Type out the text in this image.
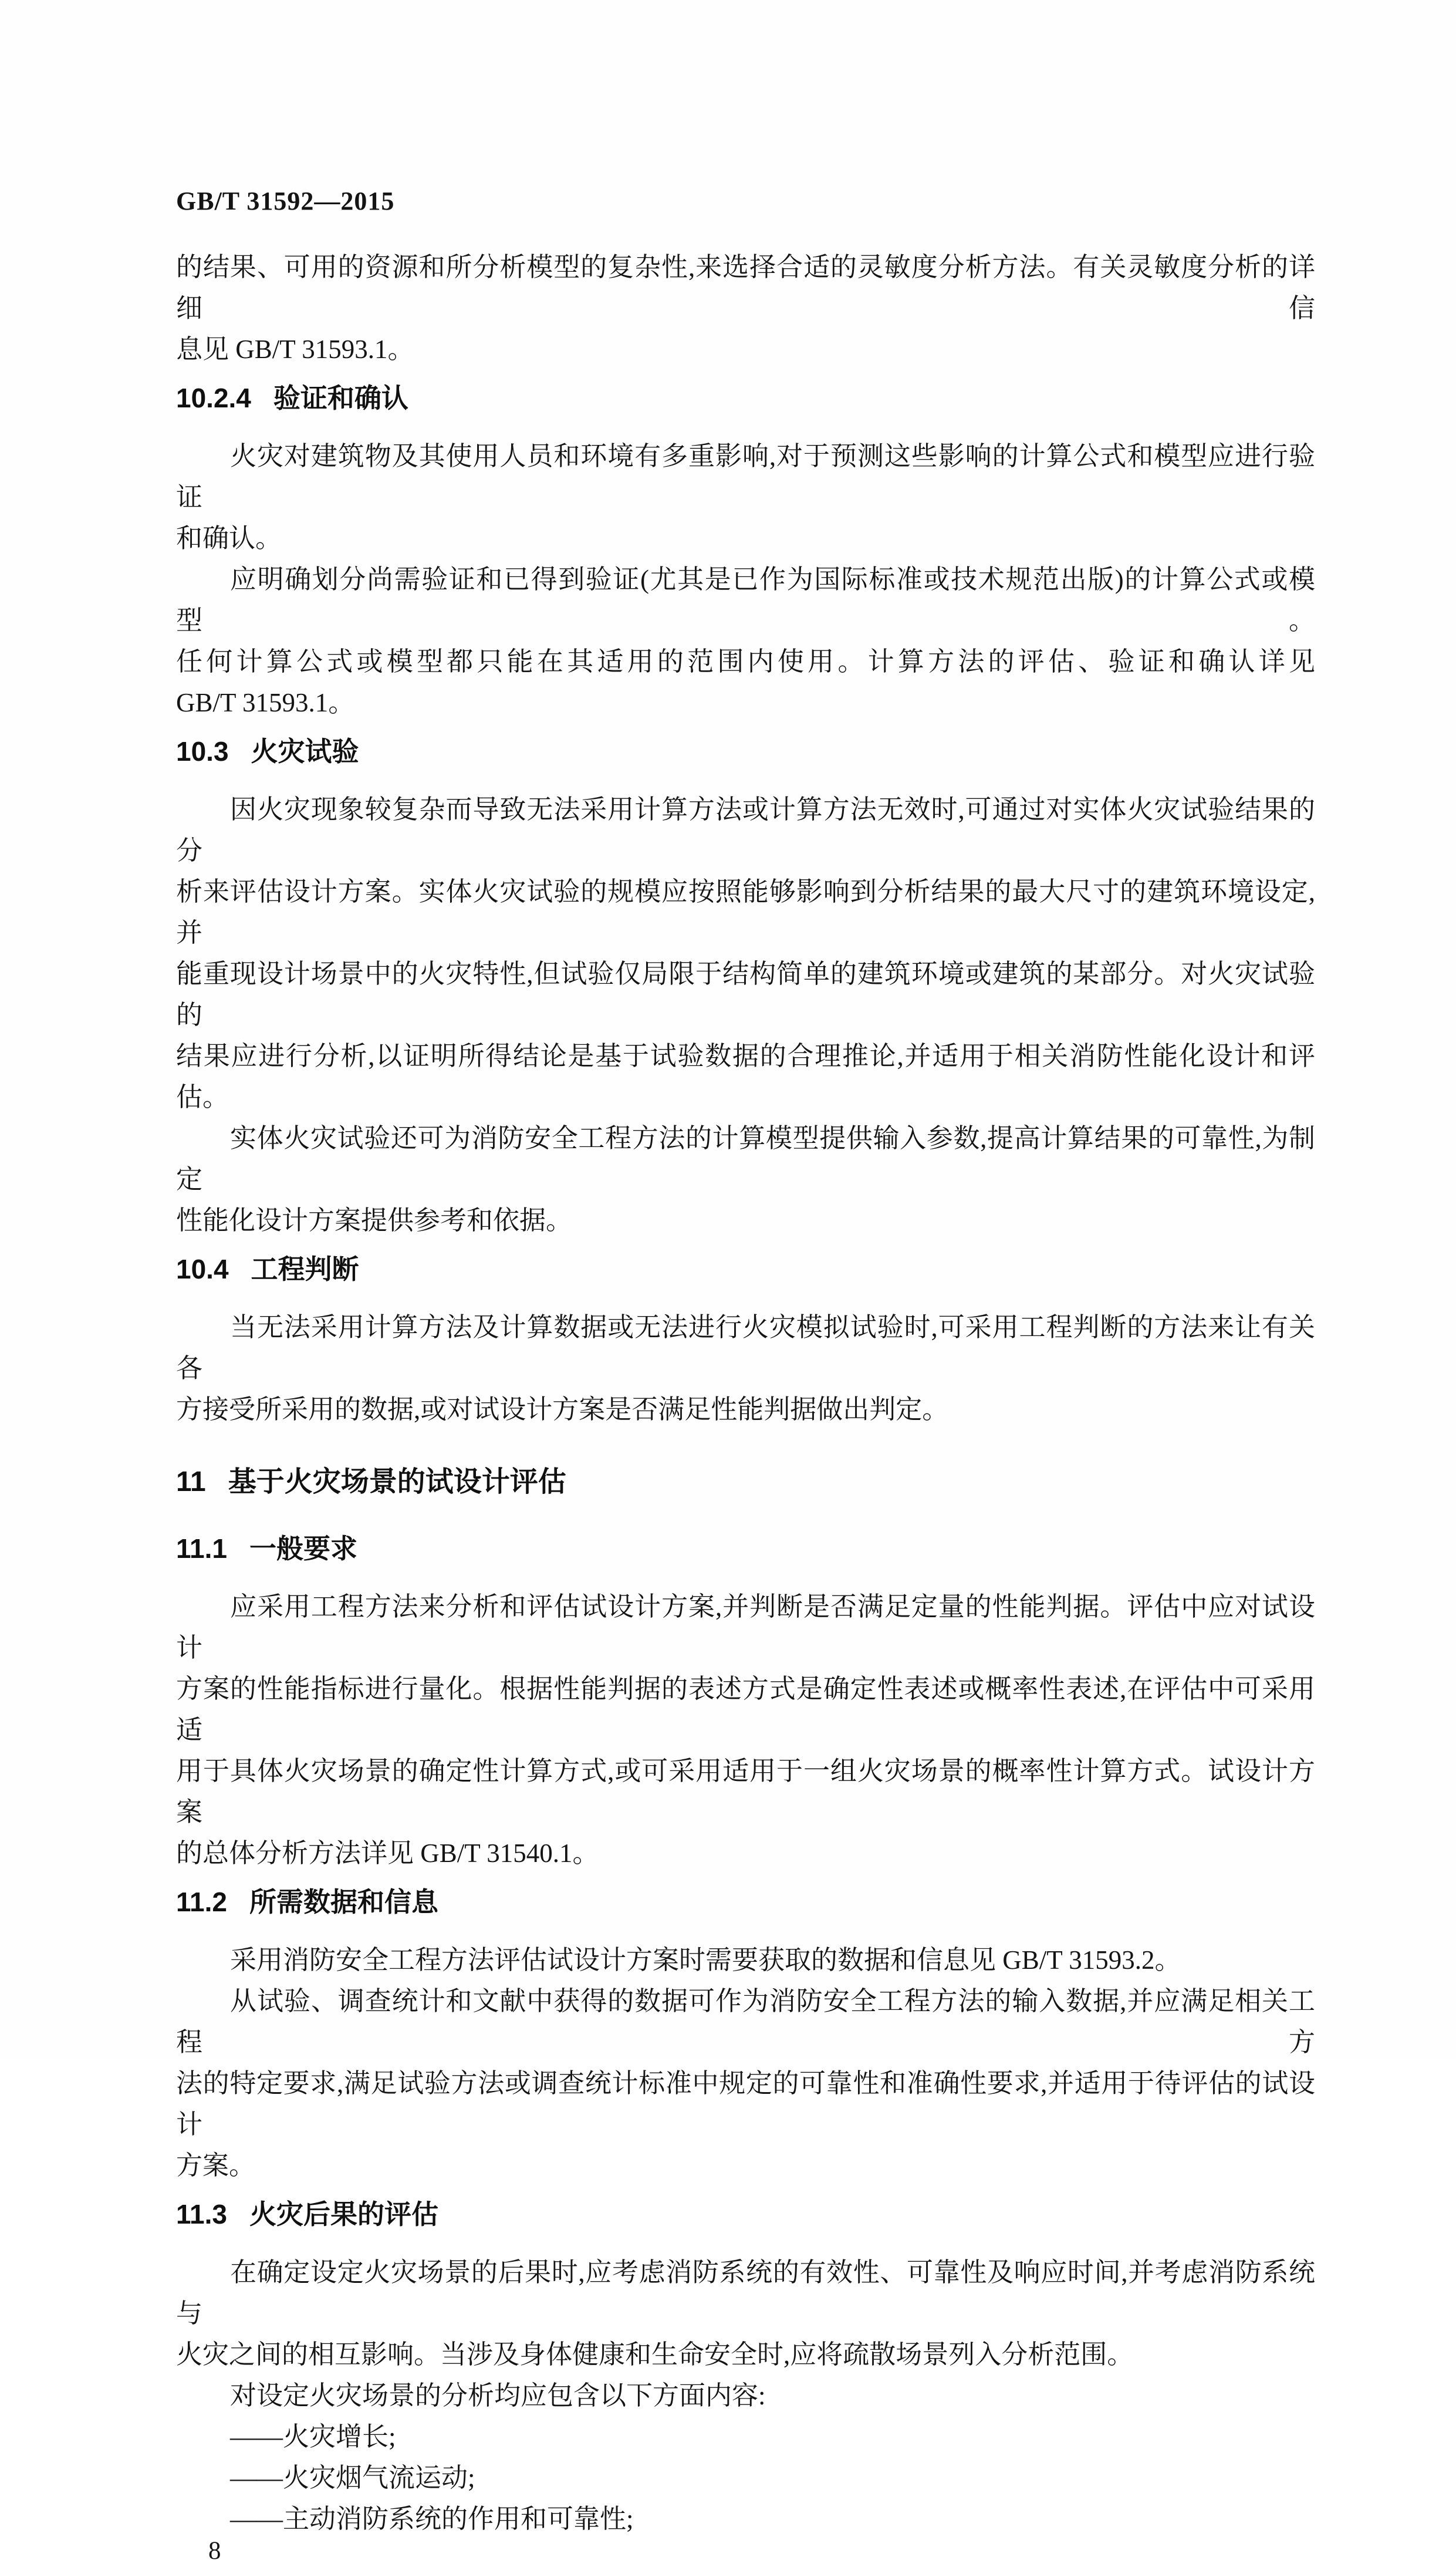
GB/T 31592—2015
的结果、可用的资源和所分析模型的复杂性,来选择合适的灵敏度分析方法。有关灵敏度分析的详细信
息见 GB/T 31593.1。
10.2.4 验证和确认
火灾对建筑物及其使用人员和环境有多重影响,对于预测这些影响的计算公式和模型应进行验证
和确认。
应明确划分尚需验证和已得到验证(尤其是已作为国际标准或技术规范出版)的计算公式或模型。
任何计算公式或模型都只能在其适用的范围内使用。计算方法的评估、验证和确认详见
GB/T 31593.1。
10.3 火灾试验
因火灾现象较复杂而导致无法采用计算方法或计算方法无效时,可通过对实体火灾试验结果的分
析来评估设计方案。实体火灾试验的规模应按照能够影响到分析结果的最大尺寸的建筑环境设定,并
能重现设计场景中的火灾特性,但试验仅局限于结构简单的建筑环境或建筑的某部分。对火灾试验的
结果应进行分析,以证明所得结论是基于试验数据的合理推论,并适用于相关消防性能化设计和评估。
实体火灾试验还可为消防安全工程方法的计算模型提供输入参数,提高计算结果的可靠性,为制定
性能化设计方案提供参考和依据。
10.4 工程判断
当无法采用计算方法及计算数据或无法进行火灾模拟试验时,可采用工程判断的方法来让有关各
方接受所采用的数据,或对试设计方案是否满足性能判据做出判定。
11 基于火灾场景的试设计评估
11.1 一般要求
应采用工程方法来分析和评估试设计方案,并判断是否满足定量的性能判据。评估中应对试设计
方案的性能指标进行量化。根据性能判据的表述方式是确定性表述或概率性表述,在评估中可采用适
用于具体火灾场景的确定性计算方式,或可采用适用于一组火灾场景的概率性计算方式。试设计方案
的总体分析方法详见 GB/T 31540.1。
11.2 所需数据和信息
采用消防安全工程方法评估试设计方案时需要获取的数据和信息见 GB/T 31593.2。
从试验、调查统计和文献中获得的数据可作为消防安全工程方法的输入数据,并应满足相关工程方
法的特定要求,满足试验方法或调查统计标准中规定的可靠性和准确性要求,并适用于待评估的试设计
方案。
11.3 火灾后果的评估
在确定设定火灾场景的后果时,应考虑消防系统的有效性、可靠性及响应时间,并考虑消防系统与
火灾之间的相互影响。当涉及身体健康和生命安全时,应将疏散场景列入分析范围。
对设定火灾场景的分析均应包含以下方面内容:
——火灾增长;
——火灾烟气流运动;
——主动消防系统的作用和可靠性;
8
